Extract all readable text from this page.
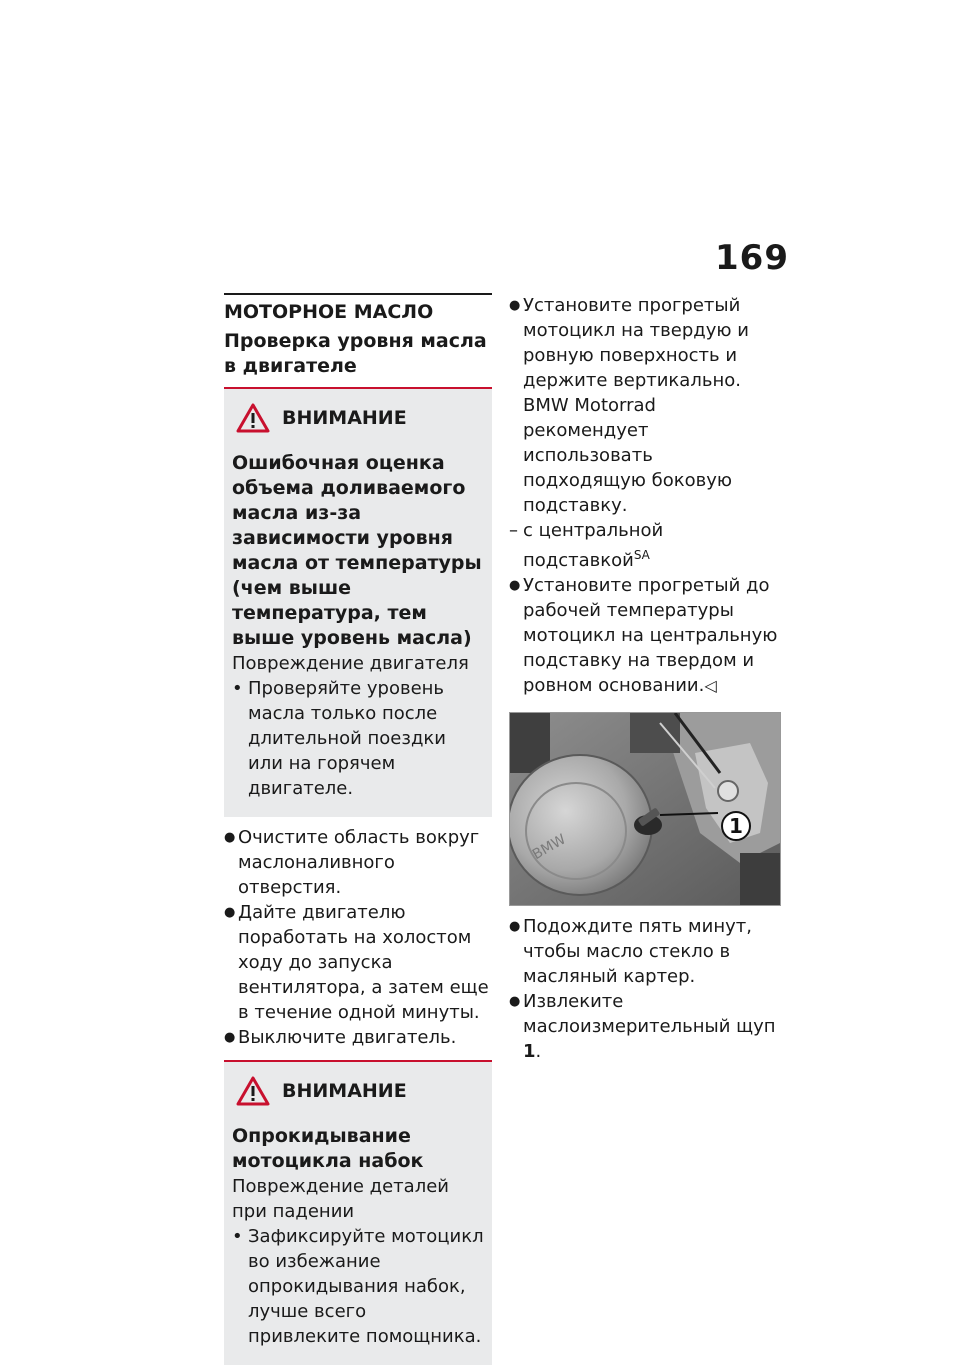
169
МОТОРНОЕ МАСЛО
Проверка уровня масла в двигателе
ВНИМАНИЕ
Ошибочная оценка объема доливаемого масла из-за зависимости уровня масла от температуры (чем выше температура, тем выше уровень масла)
Повреждение двигателя
• Проверяйте уровень масла только после длительной поездки или на горячем двигателе.
● Очистите область вокруг маслоналивного отверстия.
● Дайте двигателю поработать на холостом ходу до запуска вентилятора, а затем еще в течение одной минуты.
● Выключите двигатель.
ВНИМАНИЕ
Опрокидывание мотоцикла набок
Повреждение деталей при падении
• Зафиксируйте мотоцикл во избежание опрокидывания набок, лучше всего привлеките помощника.
● Установите прогретый мотоцикл на твердую и ровную поверхность и держите вертикально. BMW Motorrad рекомендует использовать подходящую боковую подставку.
– с центральной подставкой$^{SA}$
● Установите прогретый до рабочей температуры мотоцикл на центральную подставку на твердом и ровном основании.◁
BMW
1
● Подождите пять минут, чтобы масло стекло в масляный картер.
● Извлеките маслоизмерительный щуп 1.
